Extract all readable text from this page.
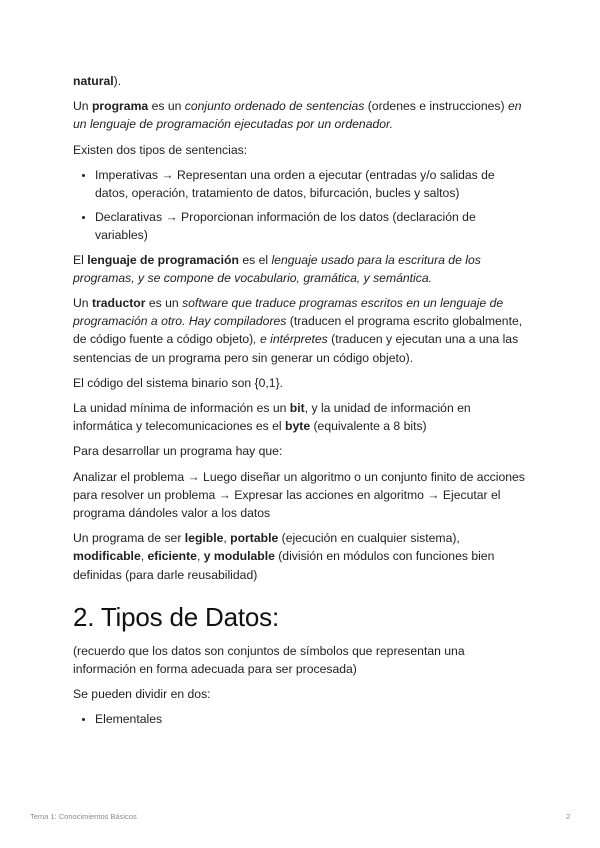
natural).

Un programa es un conjunto ordenado de sentencias (ordenes e instrucciones) en un lenguaje de programación ejecutadas por un ordenador.

Existen dos tipos de sentencias:

• Imperativas → Representan una orden a ejecutar (entradas y/o salidas de datos, operación, tratamiento de datos, bifurcación, bucles y saltos)
• Declarativas → Proporcionan información de los datos (declaración de variables)

El lenguaje de programación es el lenguaje usado para la escritura de los programas, y se compone de vocabulario, gramática, y semántica.

Un traductor es un software que traduce programas escritos en un lenguaje de programación a otro. Hay compiladores (traducen el programa escrito globalmente, de código fuente a código objeto), e intérpretes (traducen y ejecutan una a una las sentencias de un programa pero sin generar un código objeto).

El código del sistema binario son {0,1}.

La unidad mínima de información es un bit, y la unidad de información en informática y telecomunicaciones es el byte (equivalente a 8 bits)

Para desarrollar un programa hay que:

Analizar el problema → Luego diseñar un algoritmo o un conjunto finito de acciones para resolver un problema → Expresar las acciones en algoritmo → Ejecutar el programa dándoles valor a los datos

Un programa de ser legible, portable (ejecución en cualquier sistema), modificable, eficiente, y modulable (división en módulos con funciones bien definidas (para darle reusabilidad)

2. Tipos de Datos:

(recuerdo que los datos son conjuntos de símbolos que representan una información en forma adecuada para ser procesada)

Se pueden dividir en dos:

• Elementales
Tema 1: Conocimientos Básicos	2
